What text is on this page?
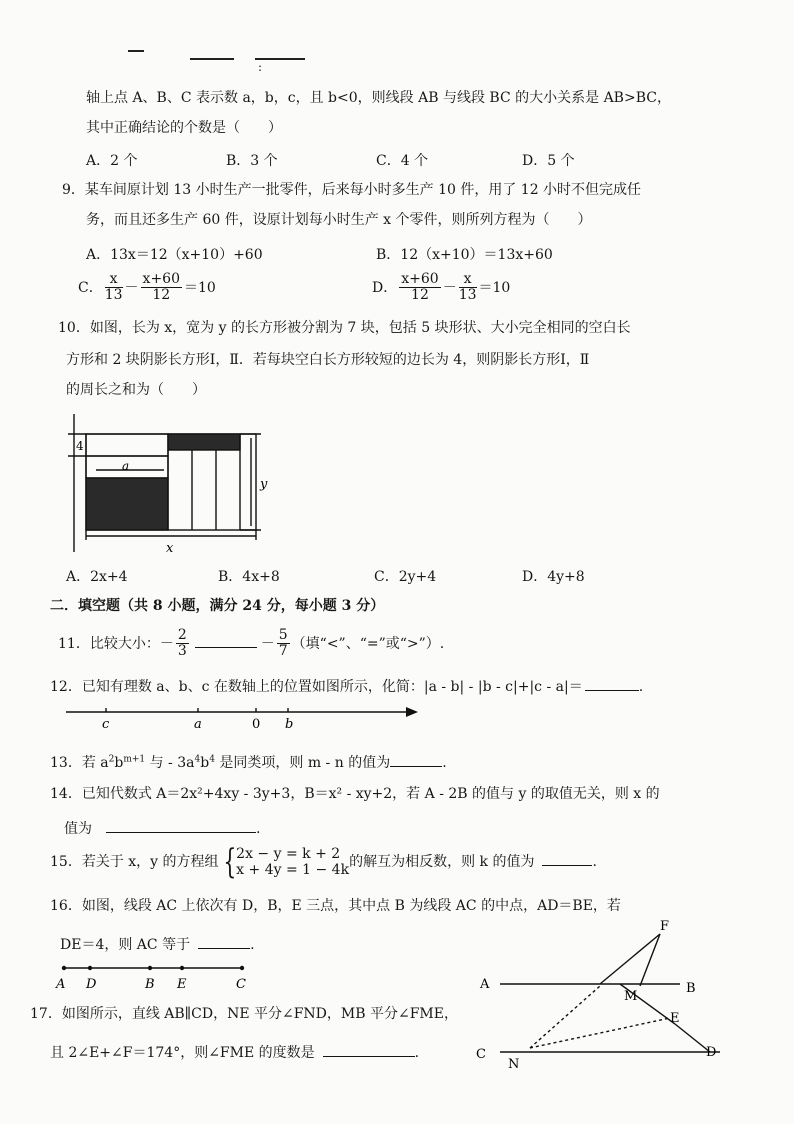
:
轴上点 A、B、C 表示数 a，b，c，且 b<0，则线段 AB 与线段 BC 的大小关系是 AB>BC，
其中正确结论的个数是（　　）
A．2 个	B．3 个	C．4 个	D．5 个
9．某车间原计划 13 小时生产一批零件，后来每小时多生产 10 件，用了 12 小时不但完成任
务，而且还多生产 60 件，设原计划每小时生产 x 个零件，则所列方程为（　　）
A．13x＝12（x+10）+60	B．12（x+10）＝13x+60
C． $\frac{x}{13} - \frac{x+60}{12} =10$	D． $\frac{x+60}{12} - \frac{x}{13} =10$
10．如图，长为 x，宽为 y 的长方形被分割为 7 块，包括 5 块形状、大小完全相同的空白长
方形和 2 块阴影长方形Ⅰ，Ⅱ．若每块空白长方形较短的边长为 4，则阴影长方形Ⅰ，Ⅱ
的周长之和为（　　）
4
a
y
x
A．2x+4	B．4x+8	C．2y+4	D．4y+8
二．填空题（共 8 小题，满分 24 分，每小题 3 分）
11．比较大小：－ $\frac{2}{3}$	－ $\frac{5}{7}$ （填“<”、“=”或“>”）.
12．已知有理数 a、b、c 在数轴上的位置如图所示，化简：|a - b| - |b - c|+|c - a|＝	.
c	a	0 b
13．若 $a^2b^{m+1}$ 与 - $3a^4b^4$ 是同类项，则 m - n 的值为	.
14．已知代数式 A＝2x²+4xy - 3y+3，B＝x² - xy+2，若 A - 2B 的值与 y 的取值无关，则 x 的
值为	.
15．若关于 x，y 的方程组 { 2x − y = k + 2
x + 4y = 1 − 4k 的解互为相反数，则 k 的值为	.
16．如图，线段 AC 上依次有 D，B，E 三点，其中点 B 为线段 AC 的中点，AD＝BE，若
DE＝4，则 AC 等于	.
A D	B E	C
17．如图所示，直线 AB∥CD，NE 平分∠FND，MB 平分∠FME，
且 2∠E+∠F＝174°，则∠FME 的度数是	.
F
A
M
B
E
C
N
D
